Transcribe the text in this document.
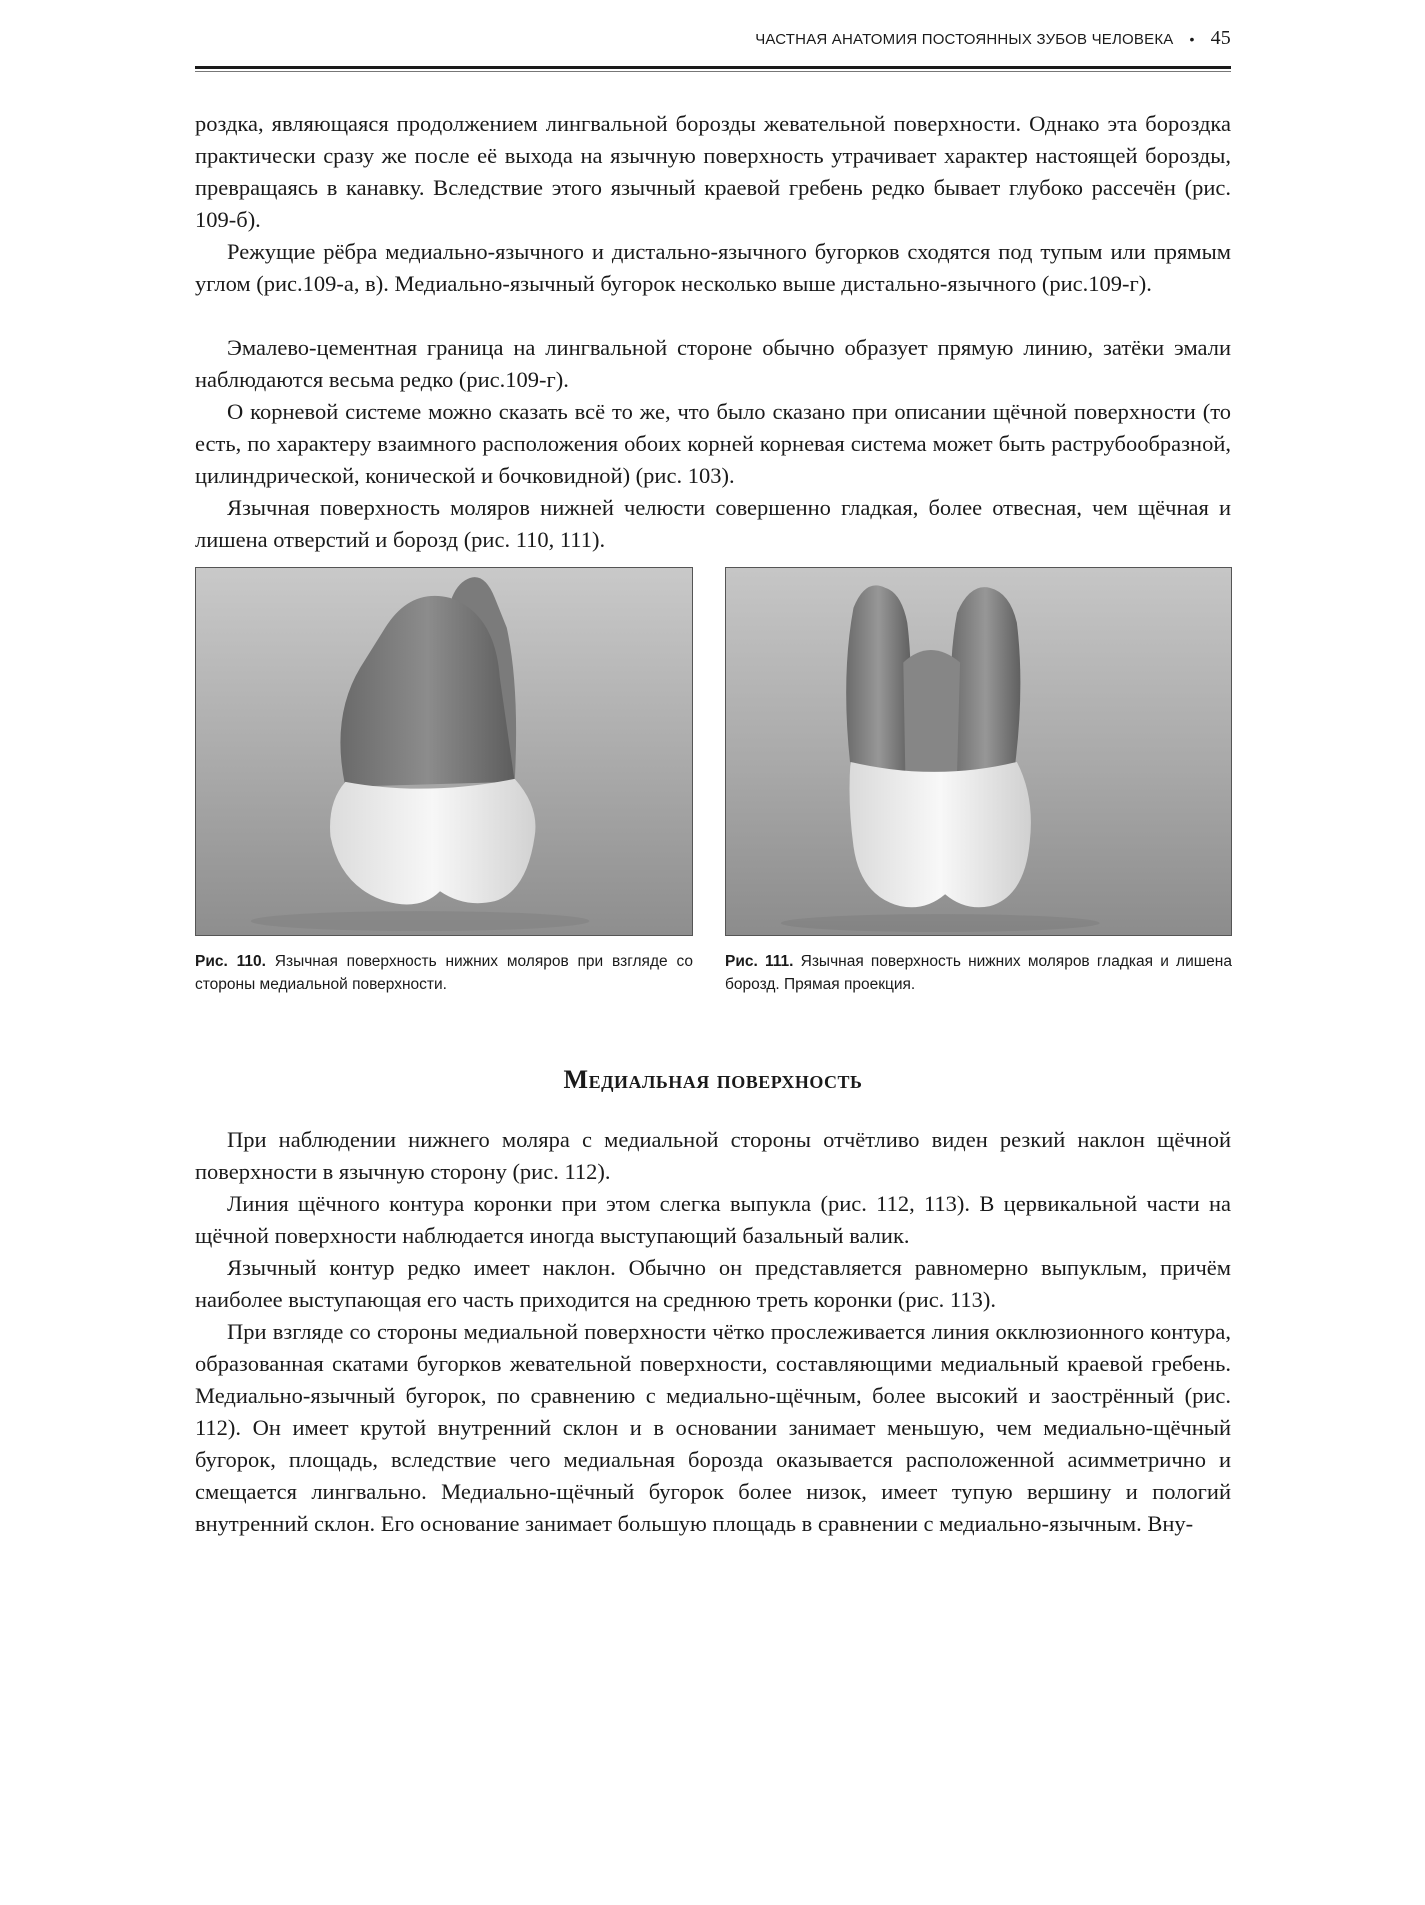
ЧАСТНАЯ АНАТОМИЯ ПОСТОЯННЫХ ЗУБОВ ЧЕЛОВЕКА • 45

роздка, являющаяся продолжением лингвальной борозды жевательной поверхности. Однако эта бороздка практически сразу же после её выхода на язычную поверхность утрачивает характер настоящей борозды, превращаясь в канавку. Вследствие этого язычный краевой гребень редко бывает глубоко рассечён (рис. 109-б).

Режущие рёбра медиально-язычного и дистально-язычного бугорков сходятся под тупым или прямым углом (рис.109-а, в). Медиально-язычный бугорок несколько выше дистально-язычного (рис.109-г).

Эмалево-цементная граница на лингвальной стороне обычно образует прямую линию, затёки эмали наблюдаются весьма редко (рис.109-г).

О корневой системе можно сказать всё то же, что было сказано при описании щёчной поверхности (то есть, по характеру взаимного расположения обоих корней корневая система может быть раструбообразной, цилиндрической, конической и бочковидной) (рис. 103).

Язычная поверхность моляров нижней челюсти совершенно гладкая, более отвесная, чем щёчная и лишена отверстий и борозд (рис. 110, 111).

Рис. 110. Язычная поверхность нижних моляров при взгляде со стороны медиальной поверхности.

Рис. 111. Язычная поверхность нижних моляров гладкая и лишена борозд. Прямая проекция.

Медиальная поверхность

При наблюдении нижнего моляра с медиальной стороны отчётливо виден резкий наклон щёчной поверхности в язычную сторону (рис. 112).

Линия щёчного контура коронки при этом слегка выпукла (рис. 112, 113). В цервикальной части на щёчной поверхности наблюдается иногда выступающий базальный валик.

Язычный контур редко имеет наклон. Обычно он представляется равномерно выпуклым, причём наиболее выступающая его часть приходится на среднюю треть коронки (рис. 113).

При взгляде со стороны медиальной поверхности чётко прослеживается линия окклюзионного контура, образованная скатами бугорков жевательной поверхности, составляющими медиальный краевой гребень. Медиально-язычный бугорок, по сравнению с медиально-щёчным, более высокий и заострённый (рис. 112). Он имеет крутой внутренний склон и в основании занимает меньшую, чем медиально-щёчный бугорок, площадь, вследствие чего медиальная борозда оказывается расположенной асимметрично и смещается лингвально. Медиально-щёчный бугорок более низок, имеет тупую вершину и пологий внутренний склон. Его основание занимает большую площадь в сравнении с медиально-язычным. Вну-
